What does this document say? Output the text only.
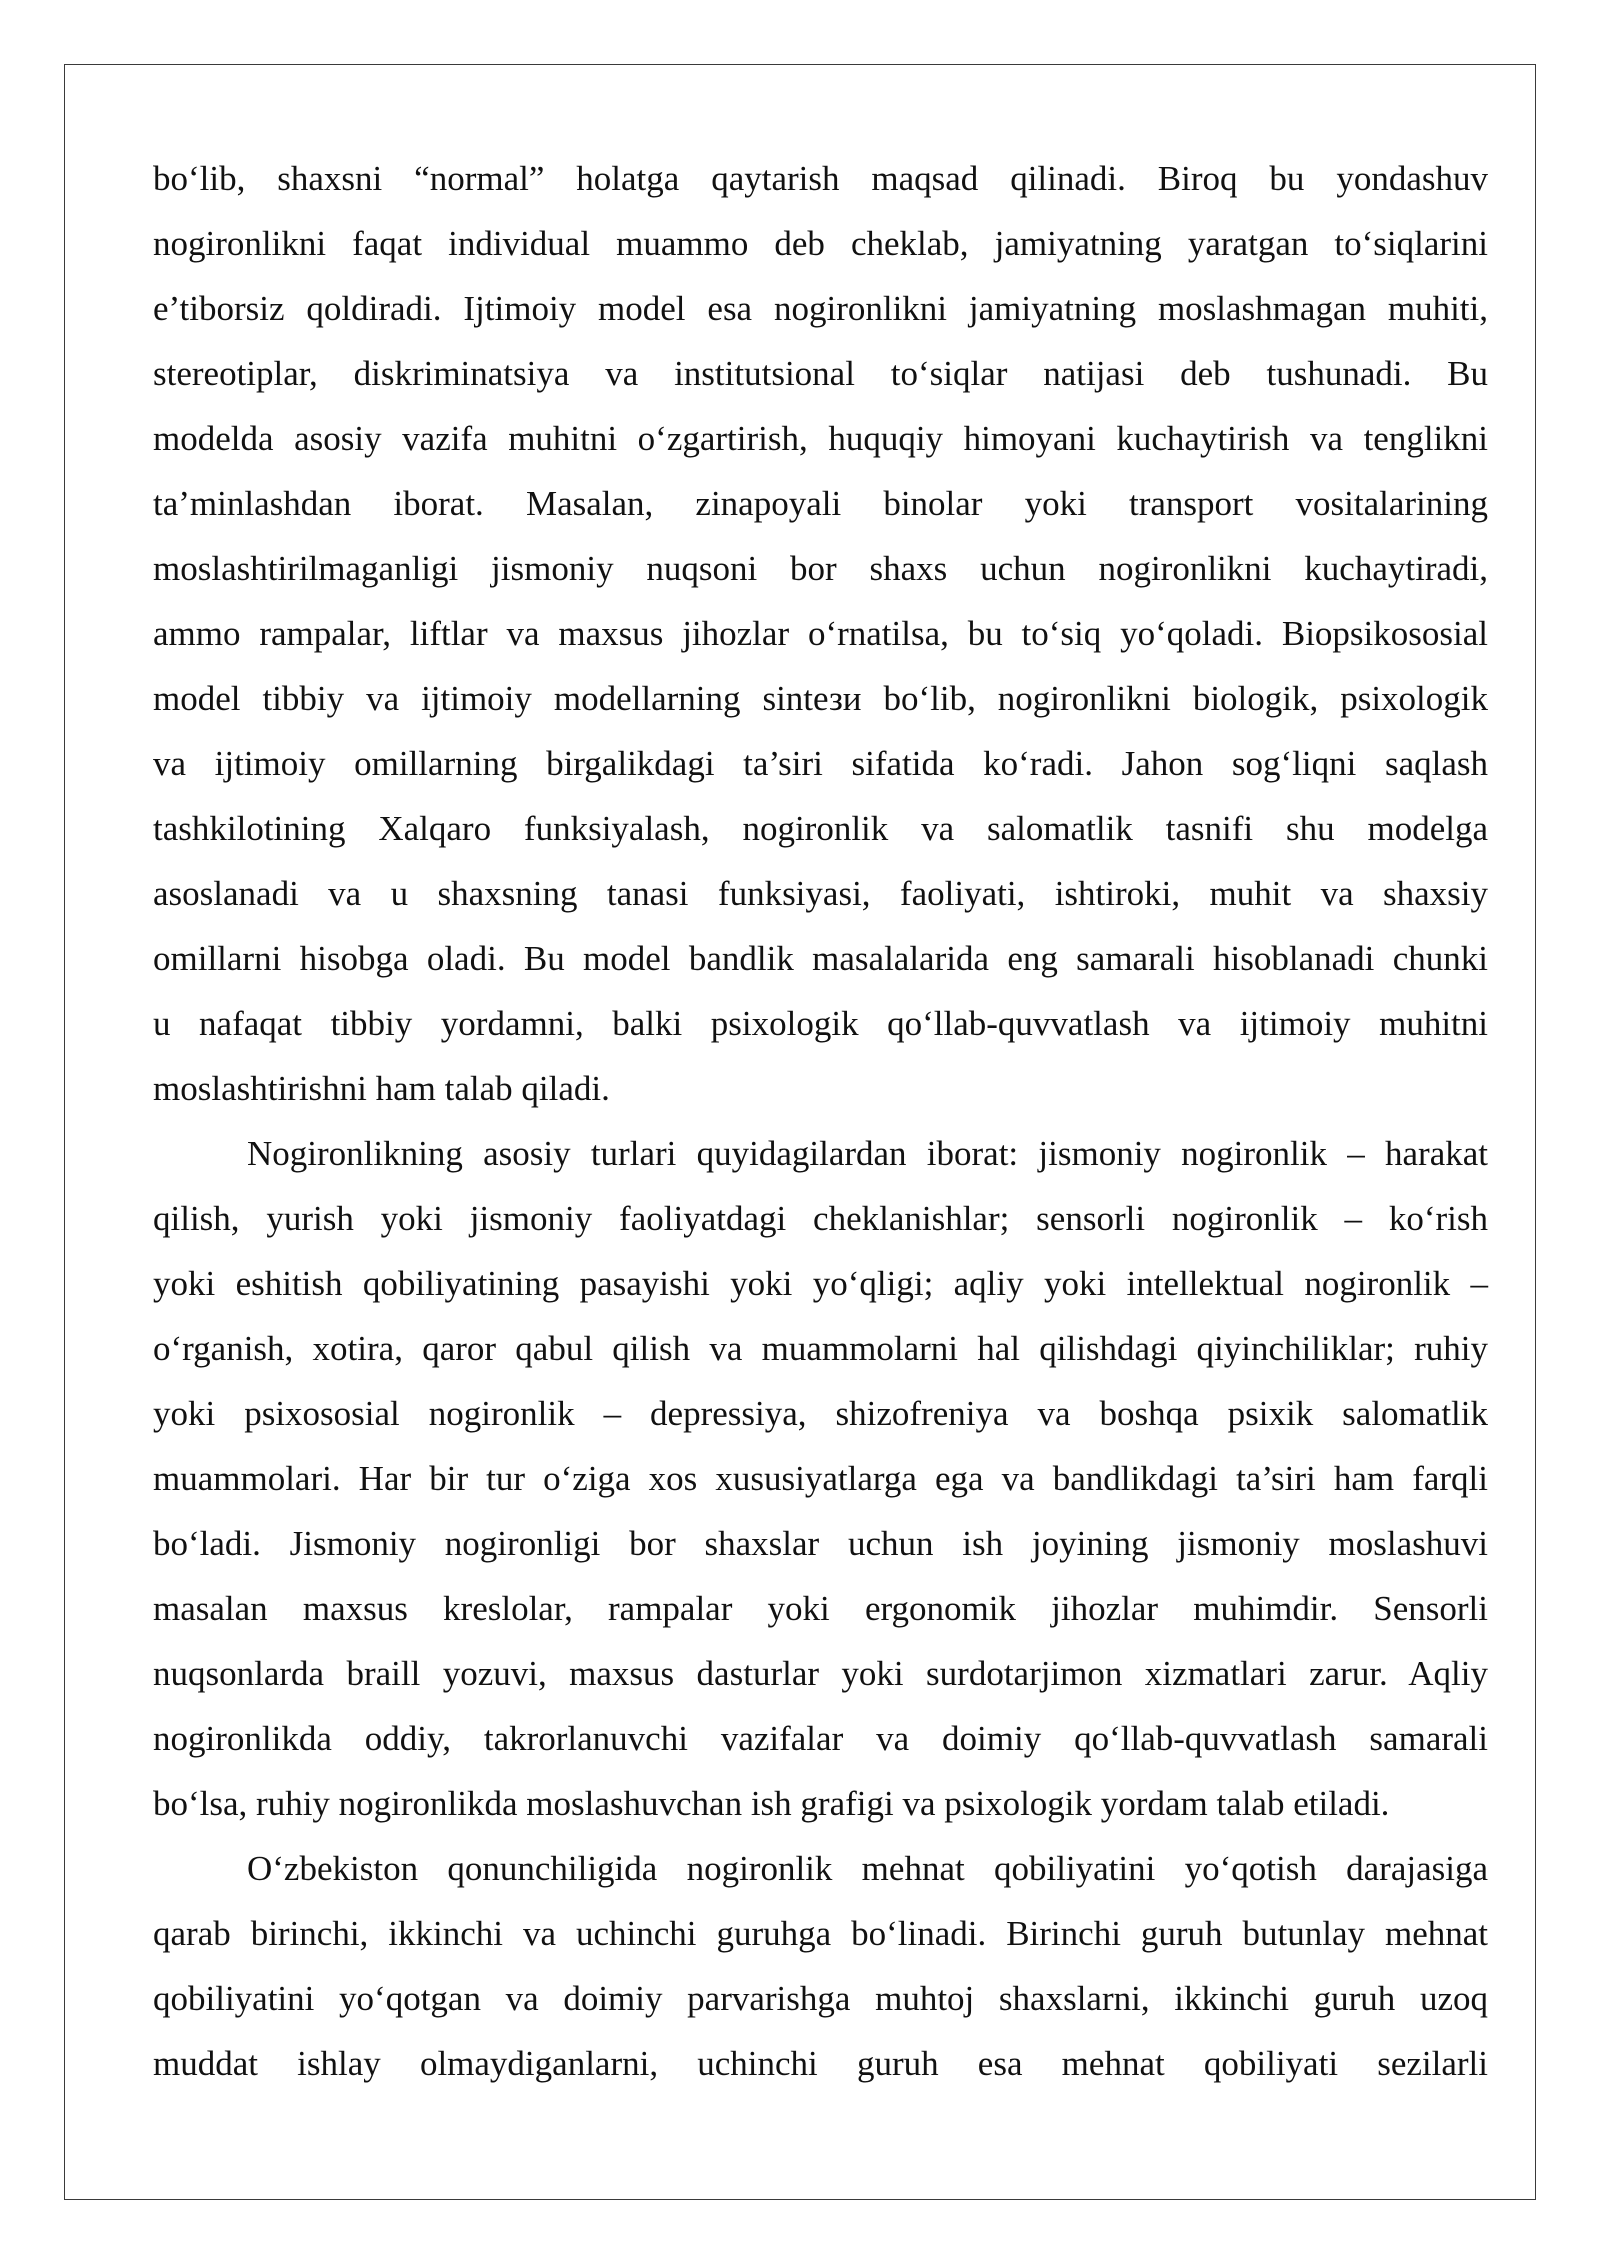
bo‘lib, shaxsni “normal” holatga qaytarish maqsad qilinadi. Biroq bu yondashuv

nogironlikni faqat individual muammo deb cheklab, jamiyatning yaratgan to‘siqlarini

e’tiborsiz qoldiradi. Ijtimoiy model esa nogironlikni jamiyatning moslashmagan muhiti,

stereotiplar, diskriminatsiya va institutsional to‘siqlar natijasi deb tushunadi. Bu

modelda asosiy vazifa muhitni o‘zgartirish, huquqiy himoyani kuchaytirish va tenglikni

ta’minlashdan iborat. Masalan, zinapoyali binolar yoki transport vositalarining

moslashtirilmaganligi jismoniy nuqsoni bor shaxs uchun nogironlikni kuchaytiradi,

ammo rampalar, liftlar va maxsus jihozlar o‘rnatilsa, bu to‘siq yo‘qoladi. Biopsikososial

model tibbiy va ijtimoiy modellarning sintези bo‘lib, nogironlikni biologik, psixologik

va ijtimoiy omillarning birgalikdagi ta’siri sifatida ko‘radi. Jahon sog‘liqni saqlash

tashkilotining Xalqaro funksiyalash, nogironlik va salomatlik tasnifi shu modelga

asoslanadi va u shaxsning tanasi funksiyasi, faoliyati, ishtiroki, muhit va shaxsiy

omillarni hisobga oladi. Bu model bandlik masalalarida eng samarali hisoblanadi chunki

u nafaqat tibbiy yordamni, balki psixologik qo‘llab-quvvatlash va ijtimoiy muhitni

moslashtirishni ham talab qiladi.

Nogironlikning asosiy turlari quyidagilardan iborat: jismoniy nogironlik – harakat

qilish, yurish yoki jismoniy faoliyatdagi cheklanishlar; sensorli nogironlik – ko‘rish

yoki eshitish qobiliyatining pasayishi yoki yo‘qligi; aqliy yoki intellektual nogironlik –

o‘rganish, xotira, qaror qabul qilish va muammolarni hal qilishdagi qiyinchiliklar; ruhiy

yoki psixososial nogironlik – depressiya, shizofreniya va boshqa psixik salomatlik

muammolari. Har bir tur o‘ziga xos xususiyatlarga ega va bandlikdagi ta’siri ham farqli

bo‘ladi. Jismoniy nogironligi bor shaxslar uchun ish joyining jismoniy moslashuvi

masalan maxsus kreslolar, rampalar yoki ergonomik jihozlar muhimdir. Sensorli

nuqsonlarda braill yozuvi, maxsus dasturlar yoki surdotarjimon xizmatlari zarur. Aqliy

nogironlikda oddiy, takrorlanuvchi vazifalar va doimiy qo‘llab-quvvatlash samarali

bo‘lsa, ruhiy nogironlikda moslashuvchan ish grafigi va psixologik yordam talab etiladi.

O‘zbekiston qonunchiligida nogironlik mehnat qobiliyatini yo‘qotish darajasiga

qarab birinchi, ikkinchi va uchinchi guruhga bo‘linadi. Birinchi guruh butunlay mehnat

qobiliyatini yo‘qotgan va doimiy parvarishga muhtoj shaxslarni, ikkinchi guruh uzoq

muddat ishlay olmaydiganlarni, uchinchi guruh esa mehnat qobiliyati sezilarli
